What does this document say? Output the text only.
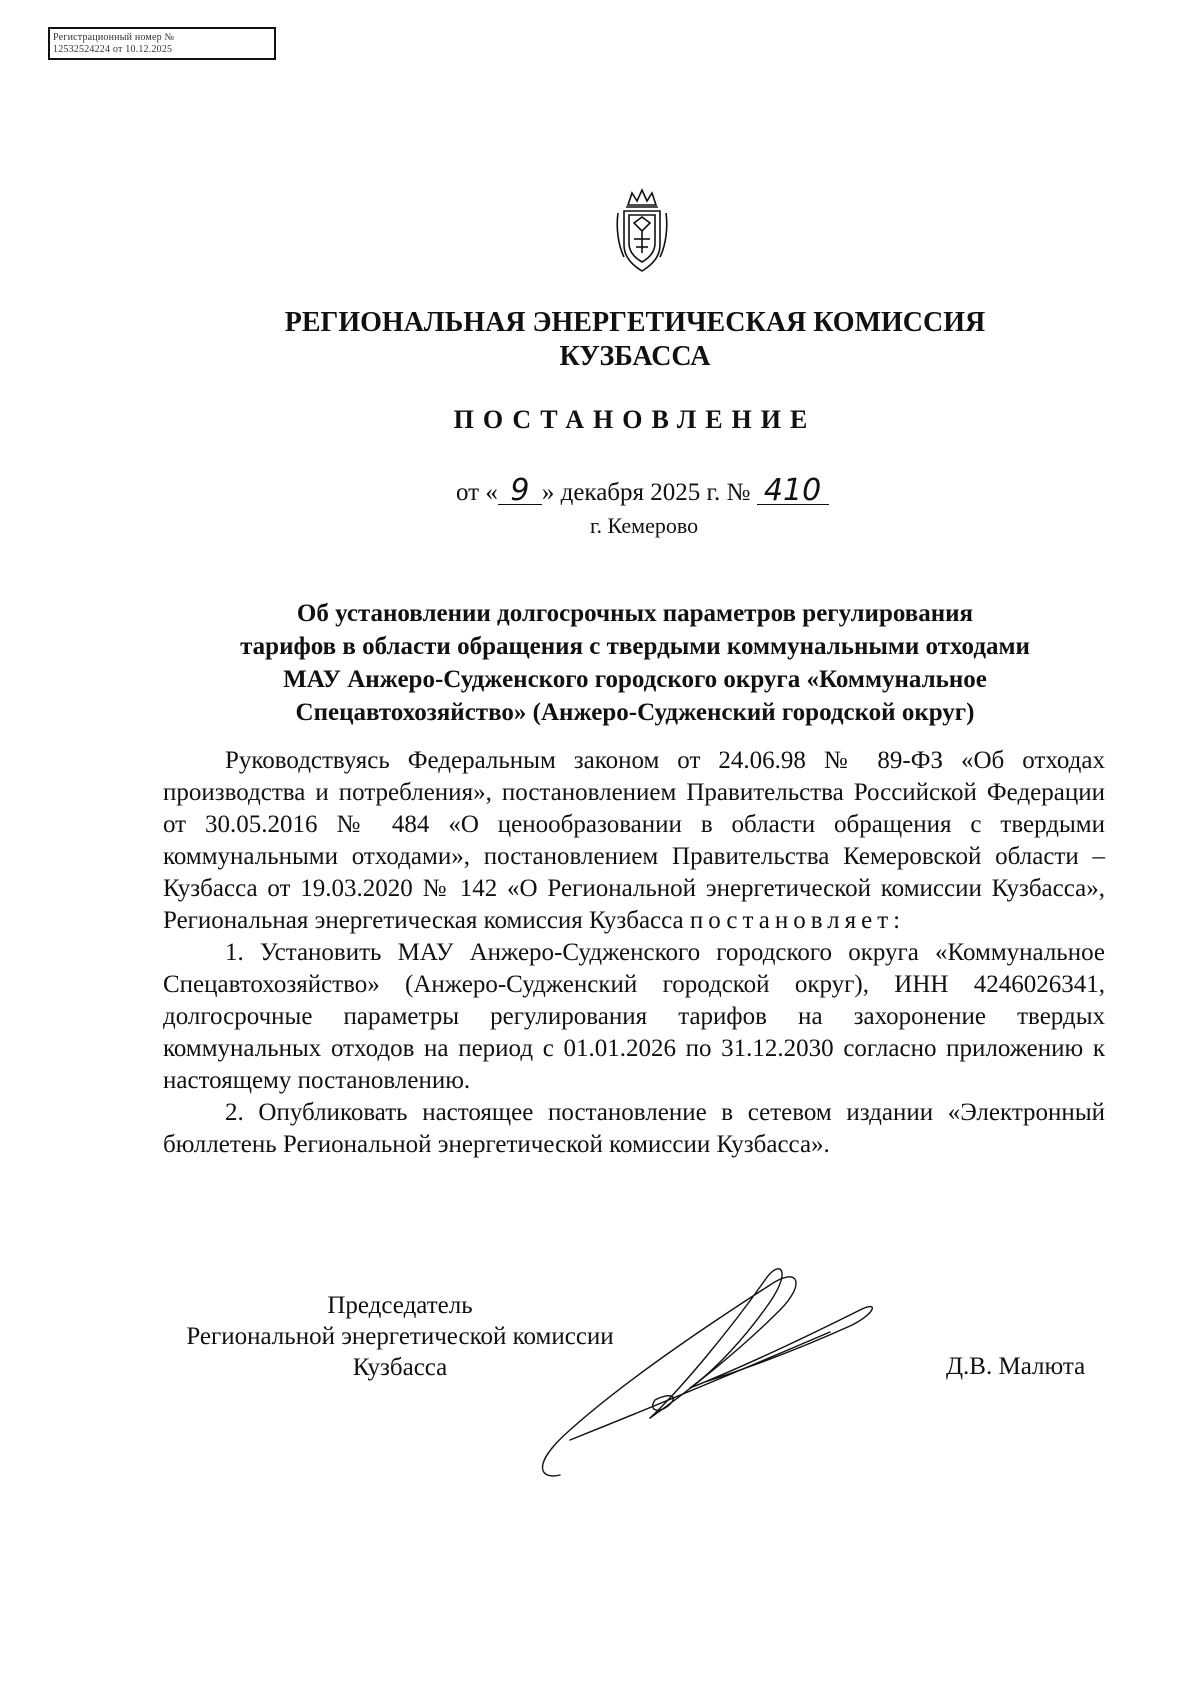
Регистрационный номер №
12532524224 от 10.12.2025
РЕГИОНАЛЬНАЯ ЭНЕРГЕТИЧЕСКАЯ КОМИССИЯ
КУЗБАССА
ПОСТАНОВЛЕНИЕ
от « 9 » декабря 2025 г. № 410
г. Кемерово
Об установлении долгосрочных параметров регулирования
тарифов в области обращения с твердыми коммунальными отходами
МАУ Анжеро-Судженского городского округа «Коммунальное
Спецавтохозяйство» (Анжеро-Судженский городской округ)

Руководствуясь Федеральным законом от 24.06.98 № 89-ФЗ «Об отходах производства и потребления», постановлением Правительства Российской Федерации от 30.05.2016 № 484 «О ценообразовании в области обращения с твердыми коммунальными отходами», постановлением Правительства Кемеровской области – Кузбасса от 19.03.2020 № 142 «О Региональной энергетической комиссии Кузбасса», Региональная энергетическая комиссия Кузбасса постановляет:

1. Установить МАУ Анжеро-Судженского городского округа «Коммунальное Спецавтохозяйство» (Анжеро-Судженский городской округ), ИНН 4246026341, долгосрочные параметры регулирования тарифов на захоронение твердых коммунальных отходов на период с 01.01.2026 по 31.12.2030 согласно приложению к настоящему постановлению.

2. Опубликовать настоящее постановление в сетевом издании «Электронный бюллетень Региональной энергетической комиссии Кузбасса».

Председатель
Региональной энергетической комиссии
Кузбасса	Д.В. Малюта
